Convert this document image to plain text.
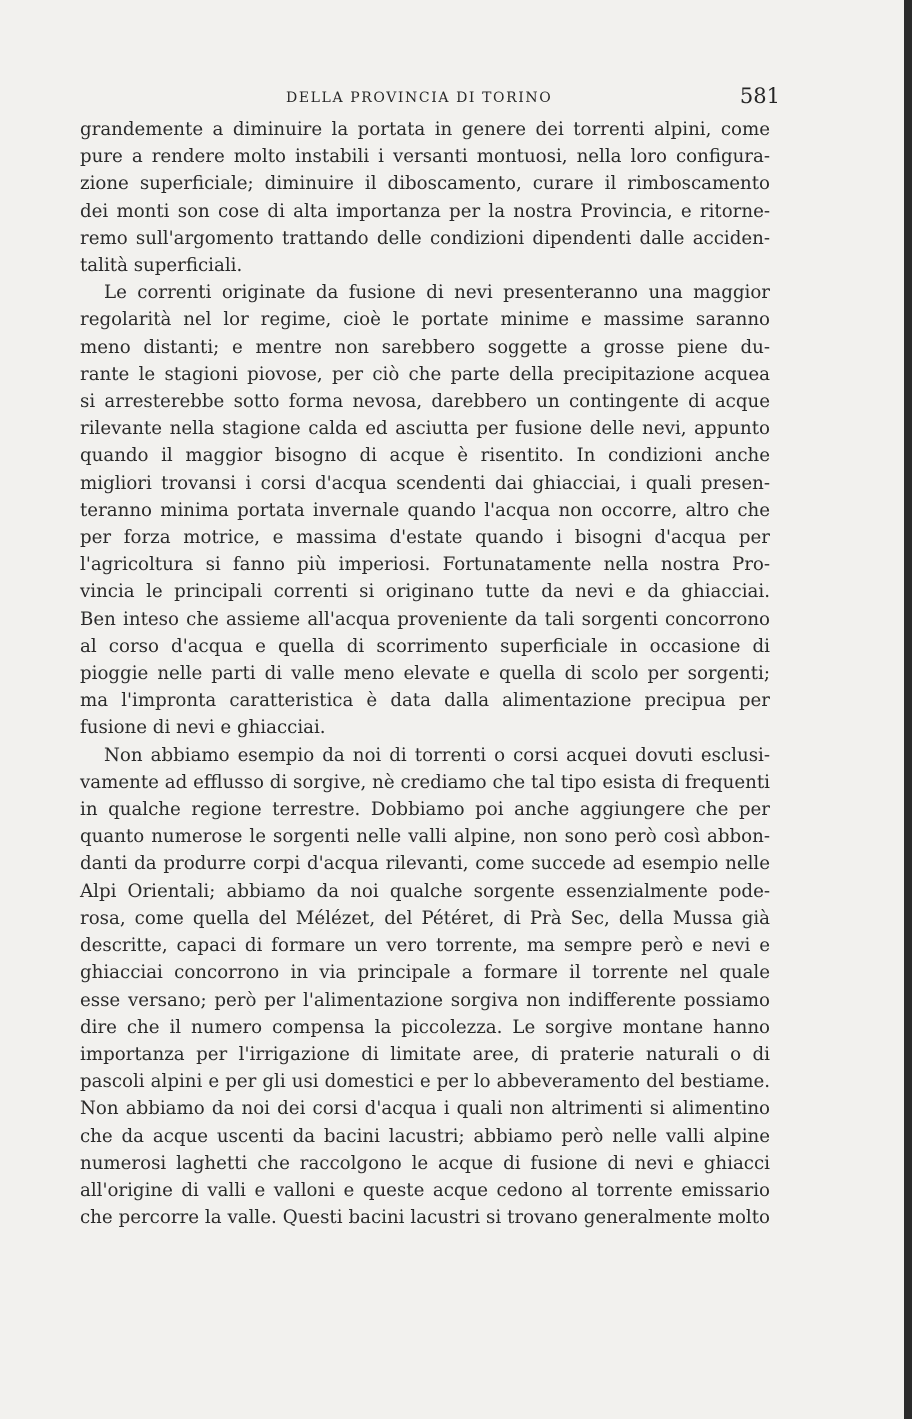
DELLA PROVINCIA DI TORINO	581
grandemente a diminuire la portata in genere dei torrenti alpini, come
pure a rendere molto instabili i versanti montuosi, nella loro configura-
zione superficiale; diminuire il diboscamento, curare il rimboscamento
dei monti son cose di alta importanza per la nostra Provincia, e ritorne-
remo sull'argomento trattando delle condizioni dipendenti dalle acciden-
talità superficiali.
Le correnti originate da fusione di nevi presenteranno una maggior
regolarità nel lor regime, cioè le portate minime e massime saranno
meno distanti; e mentre non sarebbero soggette a grosse piene du-
rante le stagioni piovose, per ciò che parte della precipitazione acquea
si arresterebbe sotto forma nevosa, darebbero un contingente di acque
rilevante nella stagione calda ed asciutta per fusione delle nevi, appunto
quando il maggior bisogno di acque è risentito. In condizioni anche
migliori trovansi i corsi d'acqua scendenti dai ghiacciai, i quali presen-
teranno minima portata invernale quando l'acqua non occorre, altro che
per forza motrice, e massima d'estate quando i bisogni d'acqua per
l'agricoltura si fanno più imperiosi. Fortunatamente nella nostra Pro-
vincia le principali correnti si originano tutte da nevi e da ghiacciai.
Ben inteso che assieme all'acqua proveniente da tali sorgenti concorrono
al corso d'acqua e quella di scorrimento superficiale in occasione di
pioggie nelle parti di valle meno elevate e quella di scolo per sorgenti;
ma l'impronta caratteristica è data dalla alimentazione precipua per
fusione di nevi e ghiacciai.
Non abbiamo esempio da noi di torrenti o corsi acquei dovuti esclusi-
vamente ad efflusso di sorgive, nè crediamo che tal tipo esista di frequenti
in qualche regione terrestre. Dobbiamo poi anche aggiungere che per
quanto numerose le sorgenti nelle valli alpine, non sono però così abbon-
danti da produrre corpi d'acqua rilevanti, come succede ad esempio nelle
Alpi Orientali; abbiamo da noi qualche sorgente essenzialmente pode-
rosa, come quella del Mélézet, del Pétéret, di Prà Sec, della Mussa già
descritte, capaci di formare un vero torrente, ma sempre però e nevi e
ghiacciai concorrono in via principale a formare il torrente nel quale
esse versano; però per l'alimentazione sorgiva non indifferente possiamo
dire che il numero compensa la piccolezza. Le sorgive montane hanno
importanza per l'irrigazione di limitate aree, di praterie naturali o di
pascoli alpini e per gli usi domestici e per lo abbeveramento del bestiame.
Non abbiamo da noi dei corsi d'acqua i quali non altrimenti si alimentino
che da acque uscenti da bacini lacustri; abbiamo però nelle valli alpine
numerosi laghetti che raccolgono le acque di fusione di nevi e ghiacci
all'origine di valli e valloni e queste acque cedono al torrente emissario
che percorre la valle. Questi bacini lacustri si trovano generalmente molto
